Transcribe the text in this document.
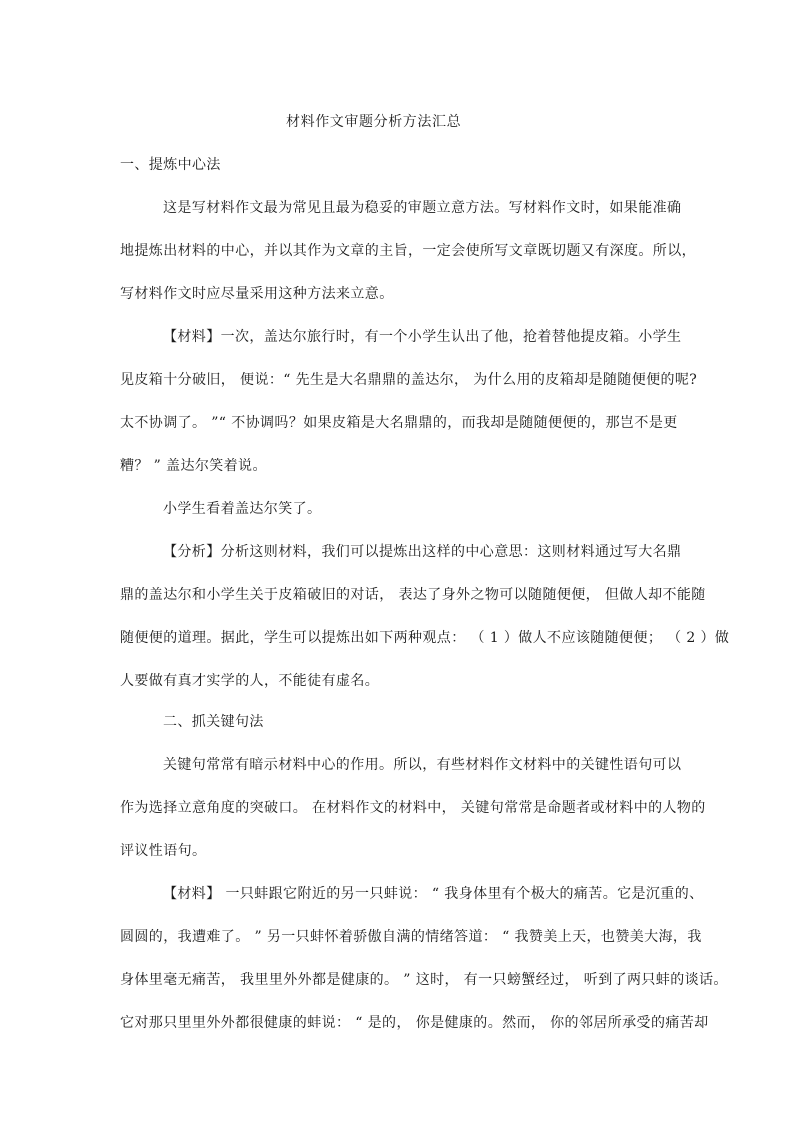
材料作文审题分析方法汇总
一、提炼中心法
这是写材料作文最为常见且最为稳妥的审题立意方法。写材料作文时，如果能准确
地提炼出材料的中心，并以其作为文章的主旨，一定会使所写文章既切题又有深度。所以，
写材料作文时应尽量采用这种方法来立意。
【材料】一次，盖达尔旅行时，有一个小学生认出了他，抢着替他提皮箱。小学生
见皮箱十分破旧， 便说：“ 先生是大名鼎鼎的盖达尔， 为什么用的皮箱却是随随便便的呢?
太不协调了。 ”“ 不协调吗？如果皮箱是大名鼎鼎的，而我却是随随便便的，那岂不是更
糟？ ” 盖达尔笑着说。
小学生看着盖达尔笑了。
【分析】分析这则材料，我们可以提炼出这样的中心意思：这则材料通过写大名鼎
鼎的盖达尔和小学生关于皮箱破旧的对话， 表达了身外之物可以随随便便， 但做人却不能随
随便便的道理。据此，学生可以提炼出如下两种观点： （ 1 ）做人不应该随随便便； （ 2 ）做
人要做有真才实学的人，不能徒有虚名。
二、抓关键句法
关键句常常有暗示材料中心的作用。所以，有些材料作文材料中的关键性语句可以
作为选择立意角度的突破口。 在材料作文的材料中， 关键句常常是命题者或材料中的人物的
评议性语句。
【材料】 一只蚌跟它附近的另一只蚌说： “ 我身体里有个极大的痛苦。它是沉重的、
圆圆的，我遭难了。 ” 另一只蚌怀着骄傲自满的情绪答道： “ 我赞美上天，也赞美大海，我
身体里毫无痛苦， 我里里外外都是健康的。 ” 这时， 有一只螃蟹经过， 听到了两只蚌的谈话。
它对那只里里外外都很健康的蚌说： “ 是的， 你是健康的。然而， 你的邻居所承受的痛苦却
